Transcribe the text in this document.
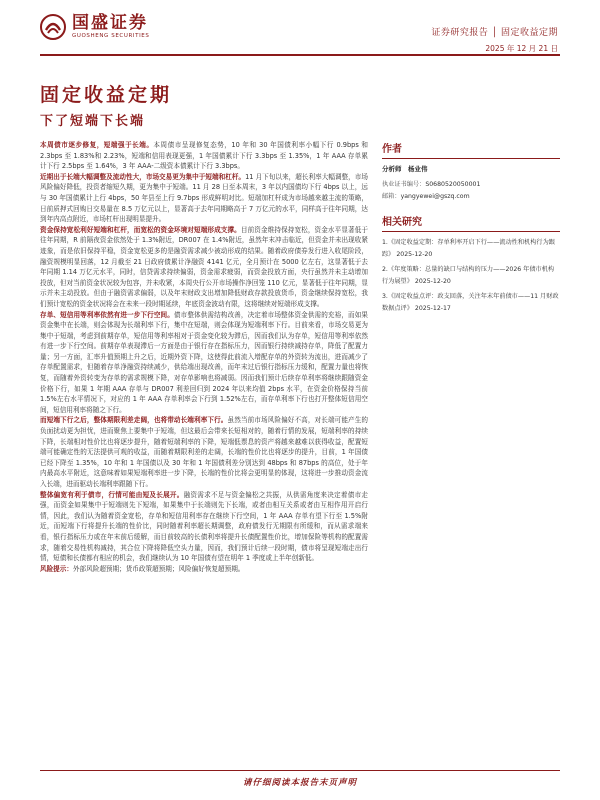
国盛证券
GUOSHENG SECURITIES	证券研究报告 │ 固定收益定期
2025 年 12 月 21 日
固定收益定期
下了短端下长端

本周债市逐步修复，短端强于长端。本周债市呈现修复态势，10 年和 30 年国债利率小幅下行 0.9bps 和 2.3bps 至 1.83%和 2.23%，短端和信用表现更强，1 年国债累计下行 3.3bps 至 1.35%，1 年 AAA 存单累计下行 2.5bps 至 1.64%，3 年 AAA-二级资本债累计下行 3.3bps。

近期出于长端大幅调整及流动性大，市场交易更为集中于短端和杠杆。11 月下旬以来，超长利率大幅调整，市场风险偏好降低，投资者缩短久期，更为集中于短端。11 月 28 日至本周末，3 年以内国债均下行 4bps 以上，远与 30 年国债累计上行 4bps，50 年县至上行 9.7bps 形成鲜明对比。短端加杠杆成为市场越来越主流的策略，日前质押式回购日交易量在 8.5 万亿元以上，显著高于去年同期略高于 7 万亿元的水平，同样高于往年同期，达到年内高点附近，市场杠杆出现明显提升。

资金保持宽松利好短端和杠杆，而宽松的资金环境对短端形成支撑。目前资金维持保持宽松，资金水平显著低于往年同期，R 前隔夜资金依然处于 1.3%附近，DR007 在 1.4%附近，虽然年末冲击临近，但资金并未出现收紧迹象，而是依旧保持平稳，资金宽松更多的是融资需求减少被动形成的结果。随着政府债券发行进入收尾阶段，融资规模明显回落，12 月截至 21 日政府债累计净融资 4141 亿元，全月预计在 5000 亿左右，这显著低于去年同期 1.14 万亿元水平，同时，信贷需求持续偏弱，资金需求疲弱，而资金投放方面，央行虽然并未主动增加投放，但对当前资金状况较为包容，并未收紧，本周央行公开市场操作净回笼 110 亿元，显著低于往年同期，显示并未主动投放。但由于融资需求偏弱，以及年末财政支出增加降低财政存款投放货币，资金继续保持宽松，我们预计宽松的资金状况将会在未来一段时期延续，年底资金波动有限，这将继续对短端形成支撑。

存单、短信用等利率依然有进一步下行空间。债市整体供需结构改善，决定着市场整体资金供需的充裕，而如果资金集中在长端，则会体现为长端利率下行，集中在短端，则会体现为短端利率下行。目前来看，市场交易更为集中于短端，考虑到前期存单，短信用等利率相对于资金变化较为滞后，因而我们认为存单，短信用等利率依然有进一步下行空间。前期存单表现滞后一方面是由于银行存在指标压力，因而银行持续减持存单，降低了配置力量；另一方面，汇率升值预期上升之后，近期外资下降，这使得此前流入增配存单的外资转为流出，进而减少了存单配置需求，但随着存单净融资持续减少，供给端出现改善，而年末过后银行指标压力缓和，配置力量也将恢复，而随着外资转变为存单的需求规模下降，对存单影响也将减弱。因而我们预计后续存单利率将继续跟随资金价格下行，如果 1 年期 AAA 存单与 DR007 利差回归到 2024 年以来均值 2bps 水平，在资金价格保持当前 1.5%左右水平情况下，对应的 1 年 AAA 存单利率会下行到 1.52%左右，而存单利率下行也打开整体短信用空间，短信用利率将随之下行。

而短端下行之后，整体期限利差走阔，也将带动长端利率下行。虽然当前市场风险偏好不高，对长端可能产生的负面扰动更为担忧，进而聚焦上要集中于短端，但这最后会带来长短相对的，随着行情的发展，短端利率的持续下降，长端相对性价比也将逐步提升，随着短端利率的下降，短端低票息的资产将越来越难以获得收益，配置短端可能确定性的无法提供可观的收益，而随着期限利差的走阔，长端的性价比也将逐步的提升，目前，1 年国债已经下降至 1.35%，10 年和 1 年国债以及 30 年和 1 年国债利差分别达到 48bps 和 87bps 的高位，处于年内最高水平附近，这意味着如果短端利率进一步下降，长端的性价比将会更明显的体现，这将进一步推动资金流入长端，进而驱动长端利率跟随下行。

整体偏宽有利于债市，行情可能由短及长展开。融资需求不足与资金偏松之共振，从供需角度来决定着债市走强，而资金如果集中于短端则先下短端，如果集中于长端则先下长端，或者由相互关系或者由互相作用开启行情，因此，我们认为随着资金宽松，存单和短信用利率存在继续下行空间，1 年 AAA 存单有望下行至 1.5%附近，而短端下行将提升长端的性价比，同时随着利率超长期调整，政府债发行无期限有所缓和，而从需求端来看，银行指标压力或在年末前后缓解，而目前较高的长债利率将提升长债配置性价比，增加保险等机构的配置需求，随着交易性机构减持，其合位下降将降低空头力量，因而，我们预计后续一段时期，债市将呈现短端走出行情，短债和长债都有相应的机会，我们继续认为 10 年国债有望在明年 1 季度或上半年创新低。

风险提示：外部风险超预期；货币政策超预期；风险偏好恢复超预期。

作者
分析师　杨业伟
执业证书编号：S0680520050001
邮箱：yangyewei@gszq.com
相关研究
1.《固定收益定期：存单利率开启下行——流动性和机构行为跟踪》 2025-12-20
2.《年度策略：总量的缺口与结构的压力——2026 年债市机构行为展望》 2025-12-20
3.《固定收益点评：政支回落，关注年末年前债市——11 月财政数据点评》 2025-12-17
请仔细阅读本报告末页声明
